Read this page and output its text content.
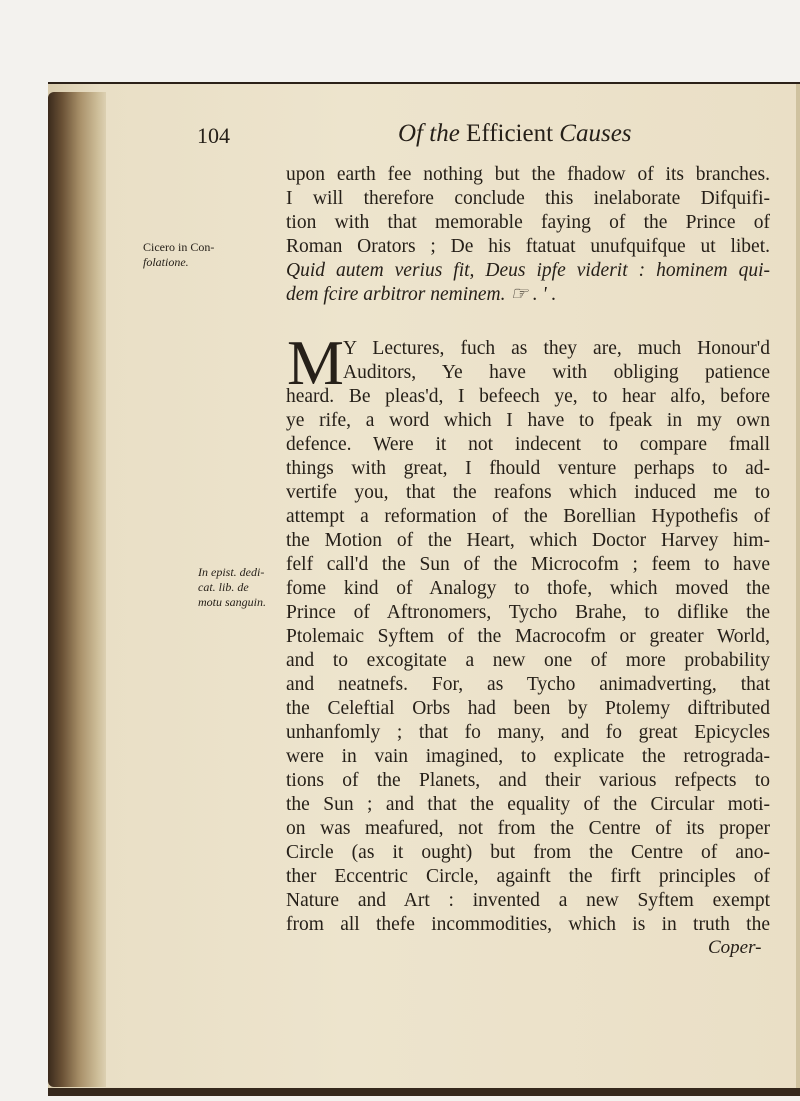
104	Of the Efficient Causes
upon earth fee nothing but the fhadow of its branches.
I will therefore conclude this inelaborate Difquifi-
tion with that memorable faying of the Prince of
Roman Orators ; De his ftatuat unufquifque ut libet.
Quid autem verius fit, Deus ipfe viderit : hominem qui-
dem fcire arbitror neminem. ☞ . ' .
Cicero in Con-
folatione.
In epist. dedi-
cat. lib. de
motu sanguin.
M Y Lectures, fuch as they are, much Honour'd
Auditors, Ye have with obliging patience
heard. Be pleas'd, I befeech ye, to hear alfo, before
ye rife, a word which I have to fpeak in my own
defence. Were it not indecent to compare fmall
things with great, I fhould venture perhaps to ad-
vertife you, that the reafons which induced me to
attempt a reformation of the Borellian Hypothefis of
the Motion of the Heart, which Doctor Harvey him-
felf call'd the Sun of the Microcofm ; feem to have
fome kind of Analogy to thofe, which moved the
Prince of Aftronomers, Tycho Brahe, to diflike the
Ptolemaic Syftem of the Macrocofm or greater World,
and to excogitate a new one of more probability
and neatnefs. For, as Tycho animadverting, that
the Celeftial Orbs had been by Ptolemy diftributed
unhanfomly ; that fo many, and fo great Epicycles
were in vain imagined, to explicate the retrograda-
tions of the Planets, and their various refpects to
the Sun ; and that the equality of the Circular moti-
on was meafured, not from the Centre of its proper
Circle (as it ought) but from the Centre of ano-
ther Eccentric Circle, againft the firft principles of
Nature and Art : invented a new Syftem exempt
from all thefe incommodities, which is in truth the
Coper-
